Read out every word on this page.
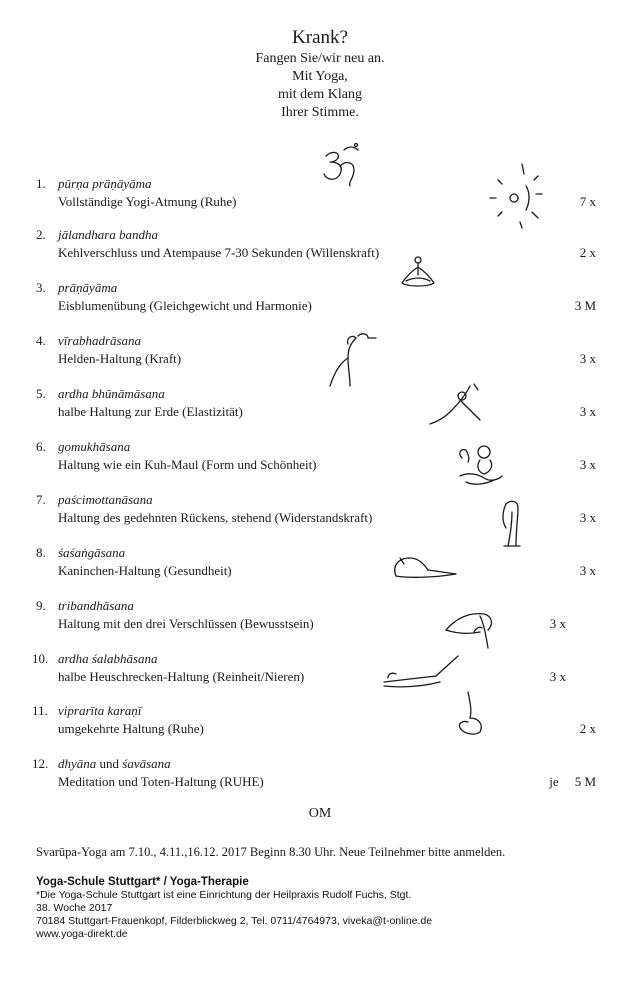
Krank?
Fangen Sie/wir neu an.
Mit Yoga,
mit dem Klang
Ihrer Stimme.
1. pūrṇa prāṇāyāma
Vollständige Yogi-Atmung (Ruhe)	7 x
2. jālandhara bandha
Kehlverschluss und Atempause 7-30 Sekunden (Willenskraft)	2 x
3. prāṇāyāma
Eisblumenübung (Gleichgewicht und Harmonie)	3 M
4. vīrabhadrāsana
Helden-Haltung (Kraft)	3 x
5. ardha bhūnāmāsana
halbe Haltung zur Erde (Elastizität)	3 x
6. gomukhāsana
Haltung wie ein Kuh-Maul (Form und Schönheit)	3 x
7. paścimottanāsana
Haltung des gedehnten Rückens, stehend (Widerstandskraft)	3 x
8. śaśaṅgāsana
Kaninchen-Haltung (Gesundheit)	3 x
9. tribandhāsana
Haltung mit den drei Verschlüssen (Bewusstsein)	3 x
10. ardha śalabhāsana
halbe Heuschrecken-Haltung (Reinheit/Nieren)	3 x
11. viprarīta karaṇī
umgekehrte Haltung (Ruhe)	2 x
12. dhyāna und śavāsana
Meditation und Toten-Haltung (RUHE)	je 5 M
OM
Svarūpa-Yoga am 7.10., 4.11.,16.12. 2017 Beginn 8.30 Uhr. Neue Teilnehmer bitte anmelden.
Yoga-Schule Stuttgart* / Yoga-Therapie
*Die Yoga-Schule Stuttgart ist eine Einrichtung der Heilpraxis Rudolf Fuchs, Stgt.
38. Woche 2017
70184 Stuttgart-Frauenkopf, Filderblickweg 2, Tel. 0711/4764973, viveka@t-online.de
www.yoga-direkt.de
